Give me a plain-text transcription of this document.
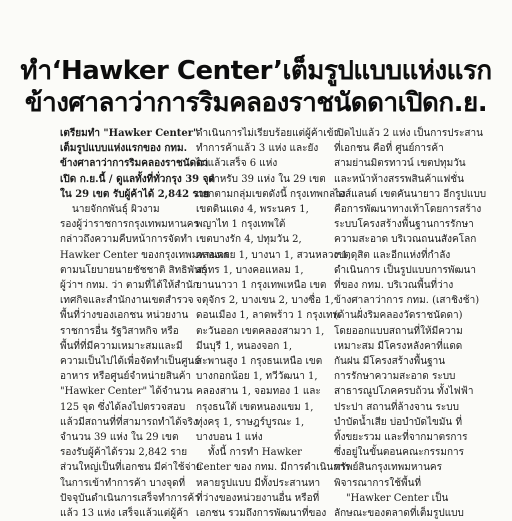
ทำ‘Hawker Center’เต็มรูปแบบแห่งแรก
ข้างศาลาว่าการริมคลองราชนัดดาเปิดก.ย.
เตรียมทำ "Hawker Center"
เต็มรูปแบบแห่งแรกของ กทม.
ข้างศาลาว่าการริมคลองราชนัดดา
เปิด ก.ย.นี้ / ดูแลทั้งที่ทั่วกรุง 39 จุด
ใน 29 เขต รับผู้ค้าได้ 2,842 ราย
นายจักกพันธุ์ ผิวงาม
รองผู้ว่าราชการกรุงเทพมหานคร
กล่าวถึงความคืบหน้าการจัดทำ
Hawker Center ของกรุงเทพมหานคร
ตามนโยบายนายชัชชาติ สิทธิพันธุ์
ผู้ว่าฯ กทม. ว่า ตามที่ได้ให้สำนัก
เทศกิจและสำนักงานเขตสำรวจ
พื้นที่ว่างของเอกชน หน่วยงาน
ราชการอื่น รัฐวิสาหกิจ หรือ
พื้นที่ที่มีความเหมาะสมและมี
ความเป็นไปได้เพื่อจัดทำเป็นศูนย์
อาหาร หรือศูนย์จำหน่ายสินค้า
"Hawker Center" ได้จำนวน
125 จุด ซึ่งได้ลงไปตรวจสอบ
แล้วมีสถานที่ที่สามารถทำได้จริง
จำนวน 39 แห่ง ใน 29 เขต
รองรับผู้ค้าได้รวม 2,842 ราย
ส่วนใหญ่เป็นที่เอกชน มีค่าใช้จ่าย
ในการเข้าทำการค้า บางจุดที่
ปัจจุบันดำเนินการเสร็จทำการค้า
แล้ว 13 แห่ง เสร็จแล้วแต่ผู้ค้า
ดำเนินการไม่เรียบร้อยแต่ผู้ค้าเข้า
ทำการค้าแล้ว 3 แห่ง และยัง
ไม่แล้วเสร็จ 6 แห่ง
สำหรับ 39 แห่ง ใน 29 เขต
แยกตามกลุ่มเขตดังนี้ กรุงเทพกลาง
เขตดินแดง 4, พระนคร 1,
พญาไท 1 กรุงเทพใต้
เขตบางรัก 4, ปทุมวัน 2,
คลองเตย 1, บางนา 1, สวนหลวง 1,
สาทร 1, บางคอแหลม 1,
ยานนาวา 1 กรุงเทพเหนือ เขต
จตุจักร 2, บางเขน 2, บางซื่อ 1,
ดอนเมือง 1, ลาดพร้าว 1 กรุงเทพ
ตะวันออก เขตคลองสามวา 1,
มีนบุรี 1, หนองจอก 1,
สะพานสูง 1 กรุงธนเหนือ เขต
บางกอกน้อย 1, ทวีวัฒนา 1,
คลองสาน 1, จอมทอง 1 และ
กรุงธนใต้ เขตหนองแขม 1,
ทุ่งครุ 1, ราษฎร์บูรณะ 1,
บางบอน 1 แห่ง
ทั้งนี้ การทำ Hawker
Center ของ กทม. มีการดำเนินการ
หลายรูปแบบ มีทั้งประสานหา
ที่ว่างของหน่วยงานอื่น หรือที่
เอกชน รวมถึงการพัฒนาที่ของ
เปิดไปแล้ว 2 แห่ง เป็นการประสาน
ที่เอกชน คือที่ ศูนย์การค้า
สามย่านมิตรทาวน์ เขตปทุมวัน
และหน้าห้างสรรพสินค้าแฟชั่น
ไอส์แลนด์ เขตคันนายาว อีกรูปแบบ
คือการพัฒนาทางเท้าโดยการสร้าง
ระบบโครงสร้างพื้นฐานการรักษา
ความสะอาด บริเวณถนนสังคโลก
เขตดุสิต และอีกแห่งที่กำลัง
ดำเนินการ เป็นรูปแบบการพัฒนา
ที่ของ กทม. บริเวณพื้นที่ว่าง
ข้างศาลาว่าการ กทม. (เสาชิงช้า)
(ด้านฝั่งริมคลองวัดราชนัดดา)
โดยออกแบบสถานที่ให้มีความ
เหมาะสม มีโครงหลังคาที่แดด
กันฝน มีโครงสร้างพื้นฐาน
การรักษาความสะอาด ระบบ
สาธารณูปโภคครบถ้วน ทั้งไฟฟ้า
ประปา สถานที่ล้างจาน ระบบ
บำบัดน้ำเสีย บ่อบำบัดไขมัน ที่
ทิ้งขยะรวม และที่จากมาตรการ
ซึ่งอยู่ในขั้นตอนคณะกรรมการ
ทรัพย์สินกรุงเทพมหานคร
พิจารณาการใช้พื้นที่
"Hawker Center เป็น
ลักษณะของตลาดที่เต็มรูปแบบ
